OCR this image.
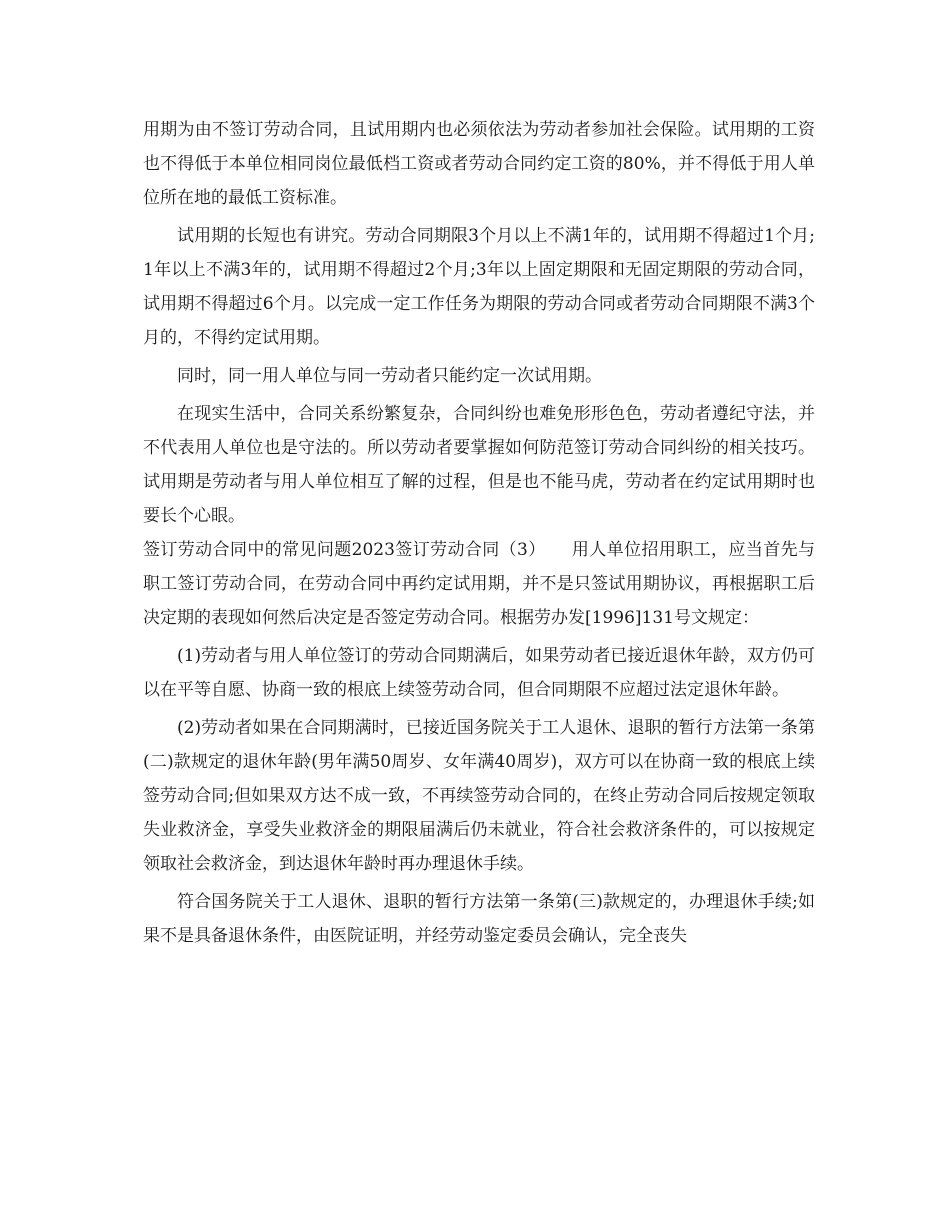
用期为由不签订劳动合同，且试用期内也必须依法为劳动者参加社会保险。试用期的工资也不得低于本单位相同岗位最低档工资或者劳动合同约定工资的80%，并不得低于用人单位所在地的最低工资标准。

试用期的长短也有讲究。劳动合同期限3个月以上不满1年的，试用期不得超过1个月;1年以上不满3年的，试用期不得超过2个月;3年以上固定期限和无固定期限的劳动合同，试用期不得超过6个月。以完成一定工作任务为期限的劳动合同或者劳动合同期限不满3个月的，不得约定试用期。

同时，同一用人单位与同一劳动者只能约定一次试用期。

在现实生活中，合同关系纷繁复杂，合同纠纷也难免形形色色，劳动者遵纪守法，并不代表用人单位也是守法的。所以劳动者要掌握如何防范签订劳动合同纠纷的相关技巧。试用期是劳动者与用人单位相互了解的过程，但是也不能马虎，劳动者在约定试用期时也要长个心眼。

签订劳动合同中的常见问题2023签订劳动合同（3）　　用人单位招用职工，应当首先与职工签订劳动合同，在劳动合同中再约定试用期，并不是只签试用期协议，再根据职工后决定期的表现如何然后决定是否签定劳动合同。根据劳办发[1996]131号文规定：

(1)劳动者与用人单位签订的劳动合同期满后，如果劳动者已接近退休年龄，双方仍可以在平等自愿、协商一致的根底上续签劳动合同，但合同期限不应超过法定退休年龄。

(2)劳动者如果在合同期满时，已接近国务院关于工人退休、退职的暂行方法第一条第(二)款规定的退休年龄(男年满50周岁、女年满40周岁)，双方可以在协商一致的根底上续签劳动合同;但如果双方达不成一致，不再续签劳动合同的，在终止劳动合同后按规定领取失业救济金，享受失业救济金的期限届满后仍未就业，符合社会救济条件的，可以按规定领取社会救济金，到达退休年龄时再办理退休手续。

符合国务院关于工人退休、退职的暂行方法第一条第(三)款规定的，办理退休手续;如果不是具备退休条件，由医院证明，并经劳动鉴定委员会确认，完全丧失
